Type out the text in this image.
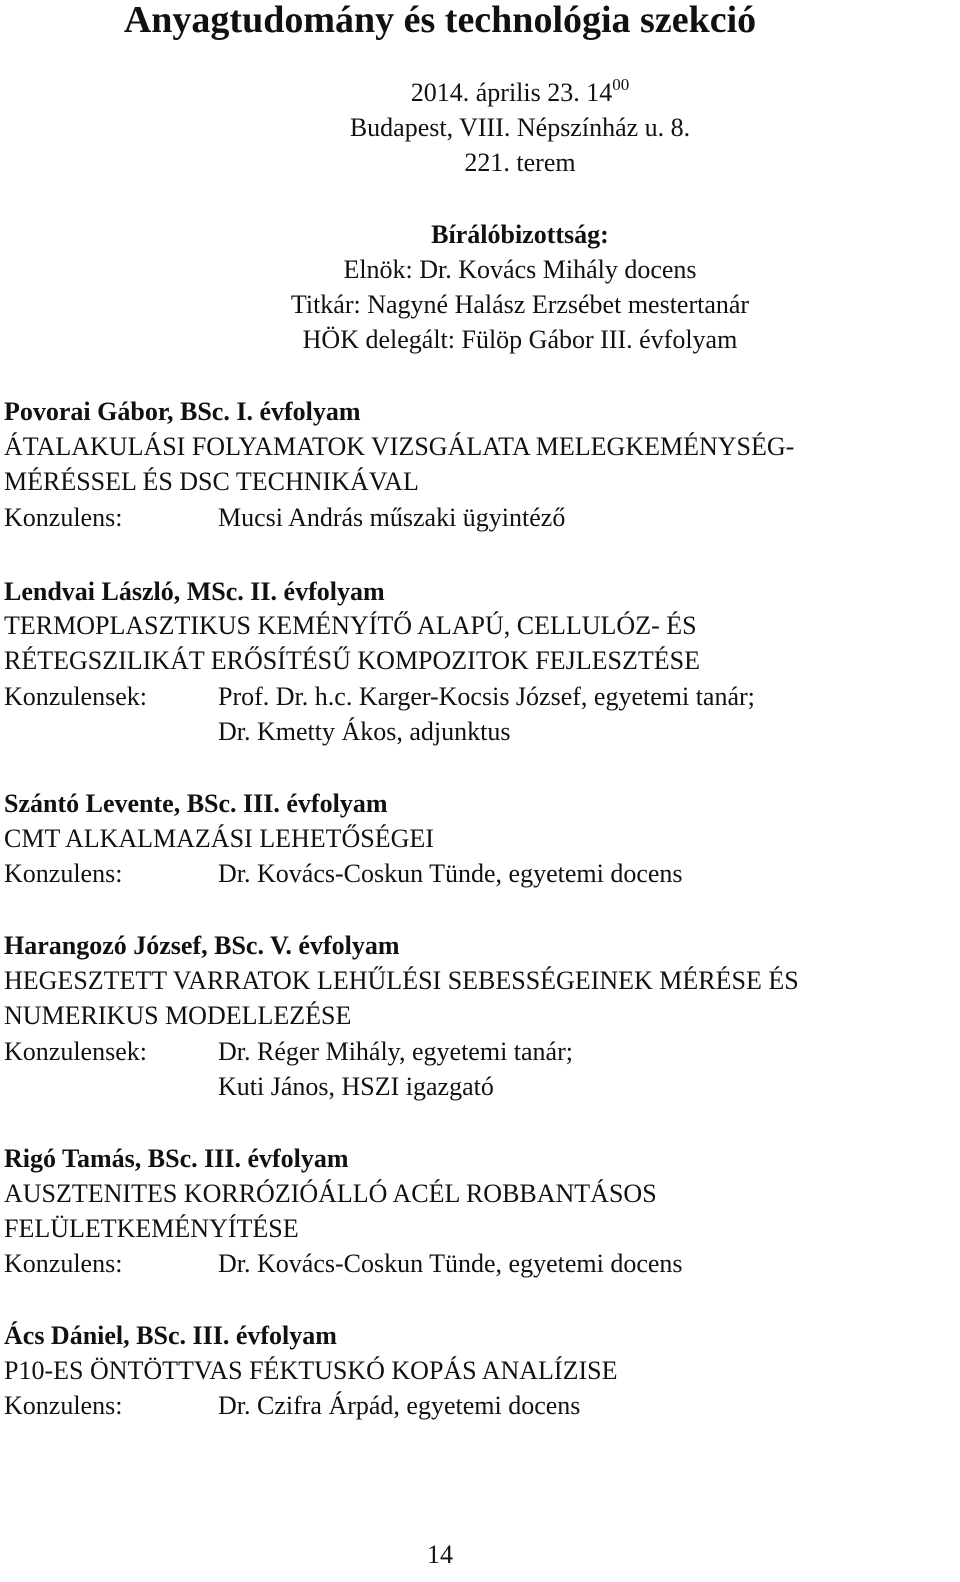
Anyagtudomány és technológia szekció
2014. április 23. $14^{00}$
Budapest, VIII. Népszínház u. 8.
221. terem
Bírálóbizottság:
Elnök: Dr. Kovács Mihály docens
Titkár: Nagyné Halász Erzsébet mestertanár
HÖK delegált: Fülöp Gábor III. évfolyam
Povorai Gábor, BSc. I. évfolyam
ÁTALAKULÁSI FOLYAMATOK VIZSGÁLATA MELEGKEMÉNYSÉG-
MÉRÉSSEL ÉS DSC TECHNIKÁVAL
Konzulens:	Mucsi András műszaki ügyintéző
Lendvai László, MSc. II. évfolyam
TERMOPLASZTIKUS KEMÉNYÍTŐ ALAPÚ, CELLULÓZ- ÉS
RÉTEGSZILIKÁT ERŐSÍTÉSŰ KOMPOZITOK FEJLESZTÉSE
Konzulensek:	Prof. Dr. h.c. Karger-Kocsis József, egyetemi tanár;
Dr. Kmetty Ákos, adjunktus
Szántó Levente, BSc. III. évfolyam
CMT ALKALMAZÁSI LEHETŐSÉGEI
Konzulens:	Dr. Kovács-Coskun Tünde, egyetemi docens
Harangozó József, BSc. V. évfolyam
HEGESZTETT VARRATOK LEHŰLÉSI SEBESSÉGEINEK MÉRÉSE ÉS
NUMERIKUS MODELLEZÉSE
Konzulensek:	Dr. Réger Mihály, egyetemi tanár;
Kuti János, HSZI igazgató
Rigó Tamás, BSc. III. évfolyam
AUSZTENITES KORRÓZIÓÁLLÓ ACÉL ROBBANTÁSOS
FELÜLETKEMÉNYÍTÉSE
Konzulens:	Dr. Kovács-Coskun Tünde, egyetemi docens
Ács Dániel, BSc. III. évfolyam
P10-ES ÖNTÖTTVAS FÉKTUSKÓ KOPÁS ANALÍZISE
Konzulens:	Dr. Czifra Árpád, egyetemi docens
14
